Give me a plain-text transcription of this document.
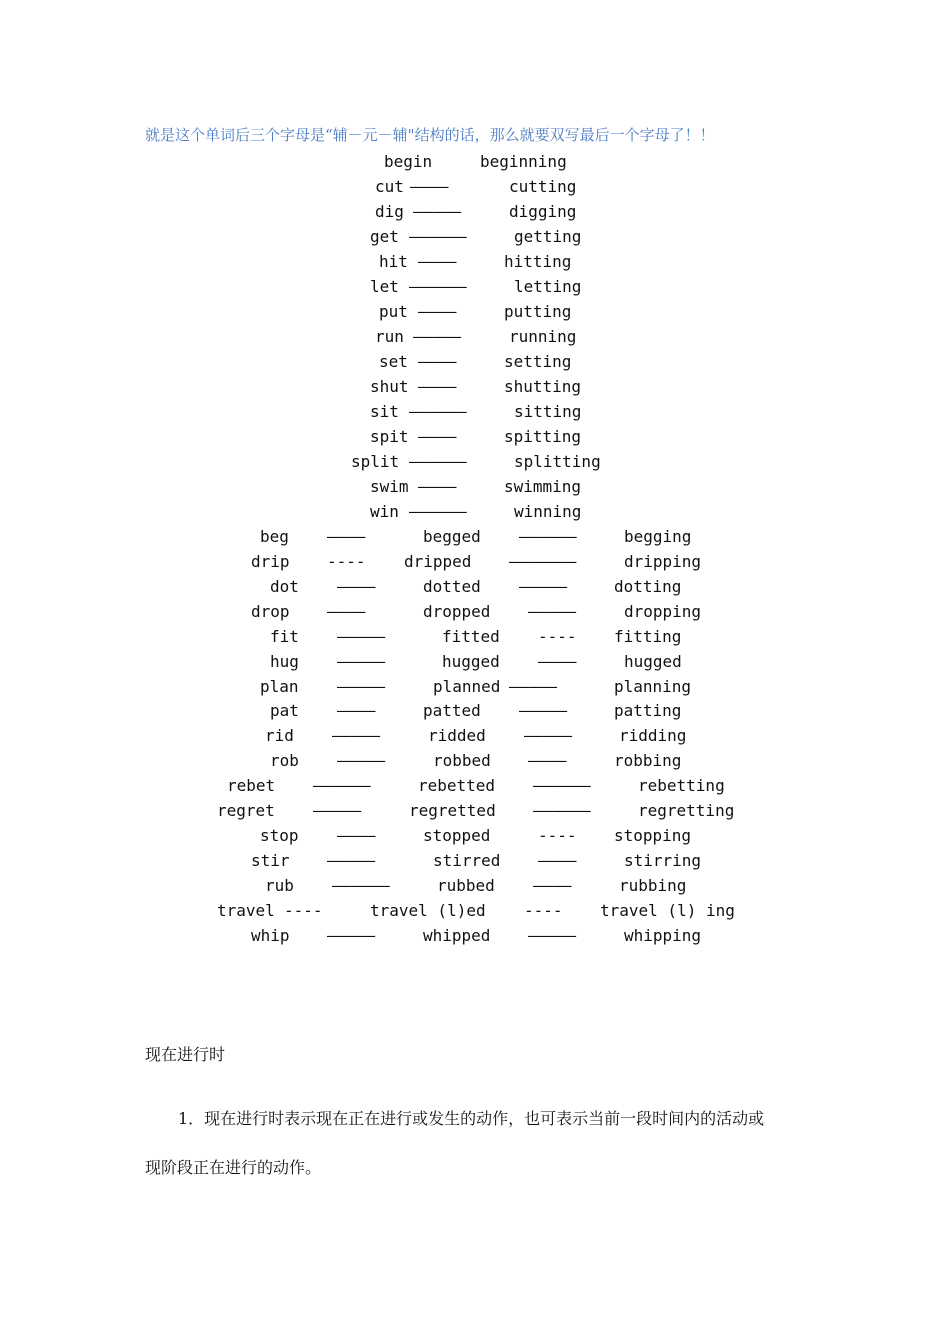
就是这个单词后三个字母是“辅－元－辅"结构的话，那么就要双写最后一个字母了！！
begin	beginning
cut ————	cutting
dig —————	digging
get ——————	getting
hit ————	hitting
let ——————	letting
put ————	putting
run —————	running
set ————	setting
shut ————	shutting
sit ——————	sitting
spit ————	spitting
split ——————	splitting
swim ————	swimming
win ——————	winning
beg ————	begged ——————	begging
drip ---- dripped ———————	dripping
dot ————	dotted —————	dotting
drop ————	dropped —————	dropping
fit —————	fitted ---- fitting
hug —————	hugged ————	hugged
plan —————	planned —————	planning
pat ————	patted —————	patting
rid —————	ridded —————	ridding
rob —————	robbed ————	robbing
rebet ——————	rebetted ——————	rebetting
regret —————	regretted ——————	regretting
stop ————	stopped	---- stopping
stir —————	stirred ————	stirring
rub ——————	rubbed ————	rubbing
travel ----	travel (l)ed ---- travel (l) ing
whip —————	whipped —————	whipping
现在进行时
1．现在进行时表示现在正在进行或发生的动作，也可表示当前一段时间内的活动或
现阶段正在进行的动作。
